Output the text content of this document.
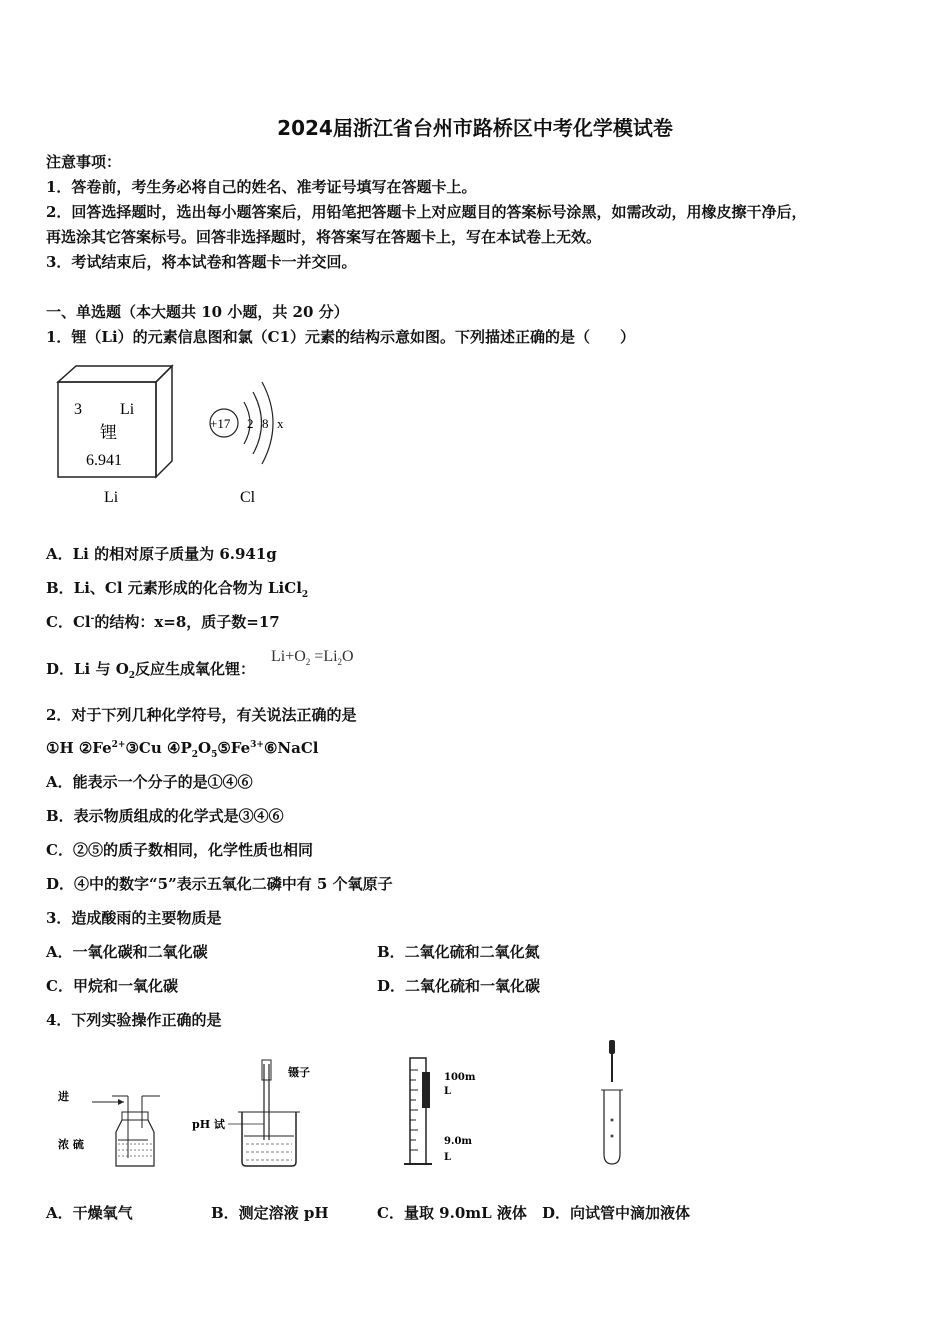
2024届浙江省台州市路桥区中考化学模试卷
注意事项：
1．答卷前，考生务必将自己的姓名、准考证号填写在答题卡上。
2．回答选择题时，选出每小题答案后，用铅笔把答题卡上对应题目的答案标号涂黑，如需改动，用橡皮擦干净后，
再选涂其它答案标号。回答非选择题时，将答案写在答题卡上，写在本试卷上无效。
3．考试结束后，将本试卷和答题卡一并交回。
一、单选题（本大题共 10 小题，共 20 分）
1．锂（Li）的元素信息图和氯（C1）元素的结构示意如图。下列描述正确的是（　　）
3 Li
锂
6.941
Li
+17 2 8 x
Cl
A．Li 的相对原子质量为 6.941g
B．Li、Cl 元素形成的化合物为 LiCl$_2$
C．Cl-的结构：x=8，质子数=17
D．Li 与 $O_2$反应生成氧化锂：
$Li+O_2 =Li_2O$
2．对于下列几种化学符号，有关说法正确的是
①H $②Fe^{2+}③Cu$ $④P_2O_5⑤Fe^{3+}⑥NaCl$
A．能表示一个分子的是①④⑥
B．表示物质组成的化学式是③④⑥
C．②⑤的质子数相同，化学性质也相同
D．④中的数字“5”表示五氧化二磷中有 5 个氧原子
3．造成酸雨的主要物质是
A．一氧化碳和二氧化碳	B．二氧化硫和二氧化氮
C．甲烷和一氧化碳	D．二氧化硫和一氧化碳
4．下列实验操作正确的是
进
浓 硫
镊子
pH 试
100m
L
9.0m
L
A．干燥氧气	B．测定溶液 pH	C．量取 9.0mL 液体 D．向试管中滴加液体
